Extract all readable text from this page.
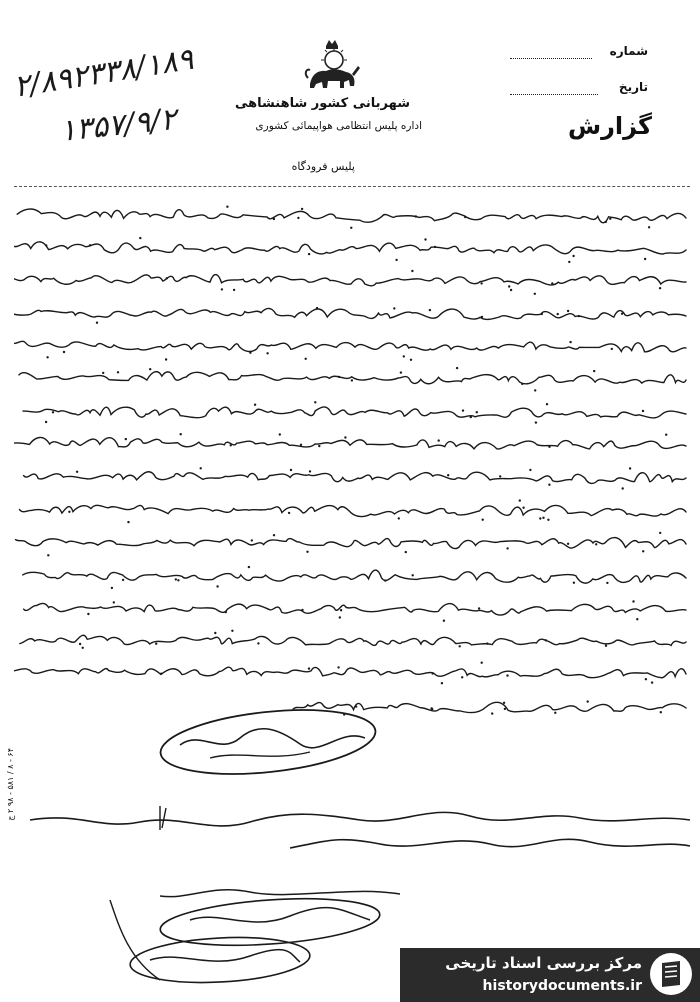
شهربانی کشور شاهنشاهی
اداره پلیس انتظامی هواپیمائی کشوری
پلیس فرودگاه
شماره
تاریخ
گزارش
۲/۸۹۲۳۳۸/۱۸۹
۱۳۵۷/۹/۲
۶۴ - ۸ / ۵۸۱ - ۹۸ ۲ ج
مرکز بررسی اسناد تاریخی
historydocuments.ir
